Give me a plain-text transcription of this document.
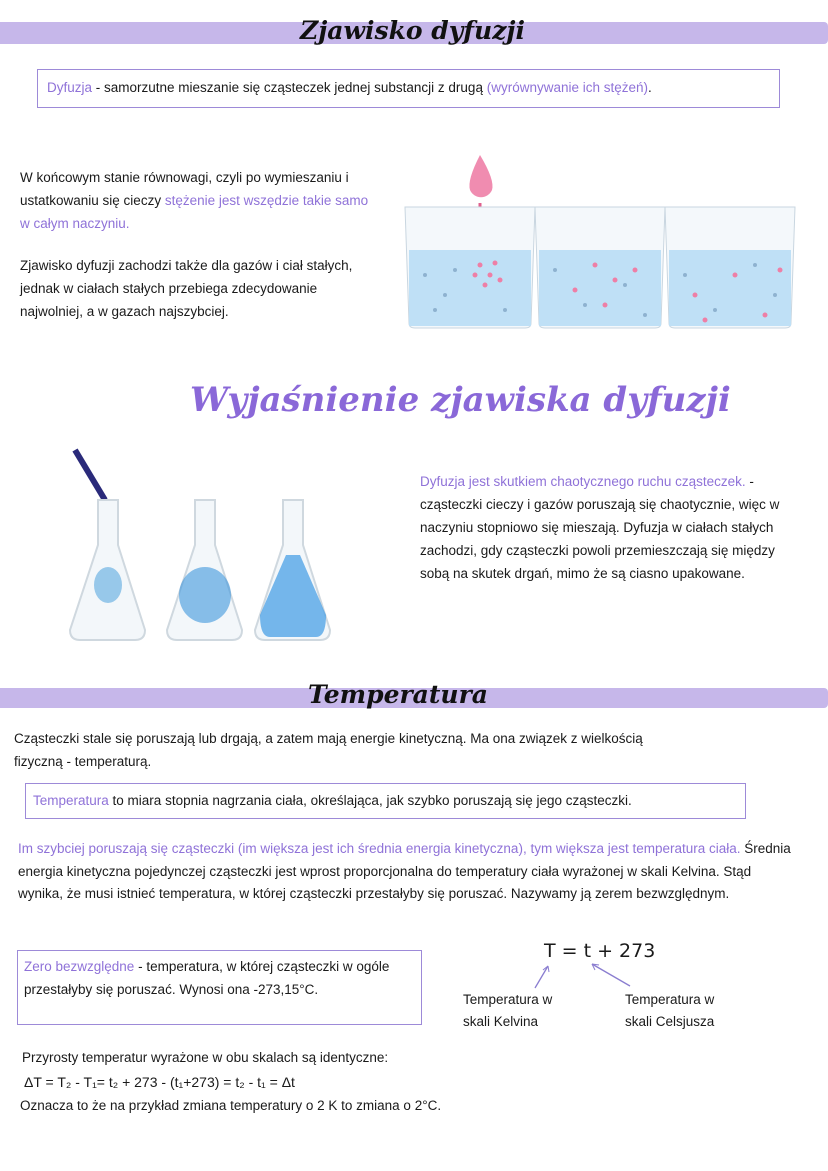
Zjawisko dyfuzji
Dyfuzja - samorzutne mieszanie się cząsteczek jednej substancji z drugą (wyrównywanie ich stężeń).
W końcowym stanie równowagi, czyli po wymieszaniu i ustatkowaniu się cieczy stężenie jest wszędzie takie samo w całym naczyniu.
Zjawisko dyfuzji zachodzi także dla gazów i ciał stałych, jednak w ciałach stałych przebiega zdecydowanie najwolniej, a w gazach najszybciej.
Wyjaśnienie zjawiska dyfuzji
Dyfuzja jest skutkiem chaotycznego ruchu cząsteczek. - cząsteczki cieczy i gazów poruszają się chaotycznie, więc w naczyniu stopniowo się mieszają. Dyfuzja w ciałach stałych zachodzi, gdy cząsteczki powoli przemieszczają się między sobą na skutek drgań, mimo że są ciasno upakowane.
Temperatura
Cząsteczki stale się poruszają lub drgają, a zatem mają energie kinetyczną. Ma ona związek z wielkością fizyczną - temperaturą.
Temperatura to miara stopnia nagrzania ciała, określająca, jak szybko poruszają się jego cząsteczki.
Im szybciej poruszają się cząsteczki (im większa jest ich średnia energia kinetyczna), tym większa jest temperatura ciała. Średnia energia kinetyczna pojedynczej cząsteczki jest wprost proporcjonalna do temperatury ciała wyrażonej w skali Kelvina. Stąd wynika, że musi istnieć temperatura, w której cząsteczki przestałyby się poruszać. Nazywamy ją zerem bezwzględnym.
Zero bezwzględne - temperatura, w której cząsteczki w ogóle przestałyby się poruszać. Wynosi ona -273,15°C.
T = t + 273
Temperatura w skali Kelvina
Temperatura w skali Celsjusza
Przyrosty temperatur wyrażone w obu skalach są identyczne:
ΔT = T₂ - T₁= t₂ + 273 - (t₁+273) = t₂ - t₁ = Δt
Oznacza to że na przykład zmiana temperatury o 2 K to zmiana o 2°C.
